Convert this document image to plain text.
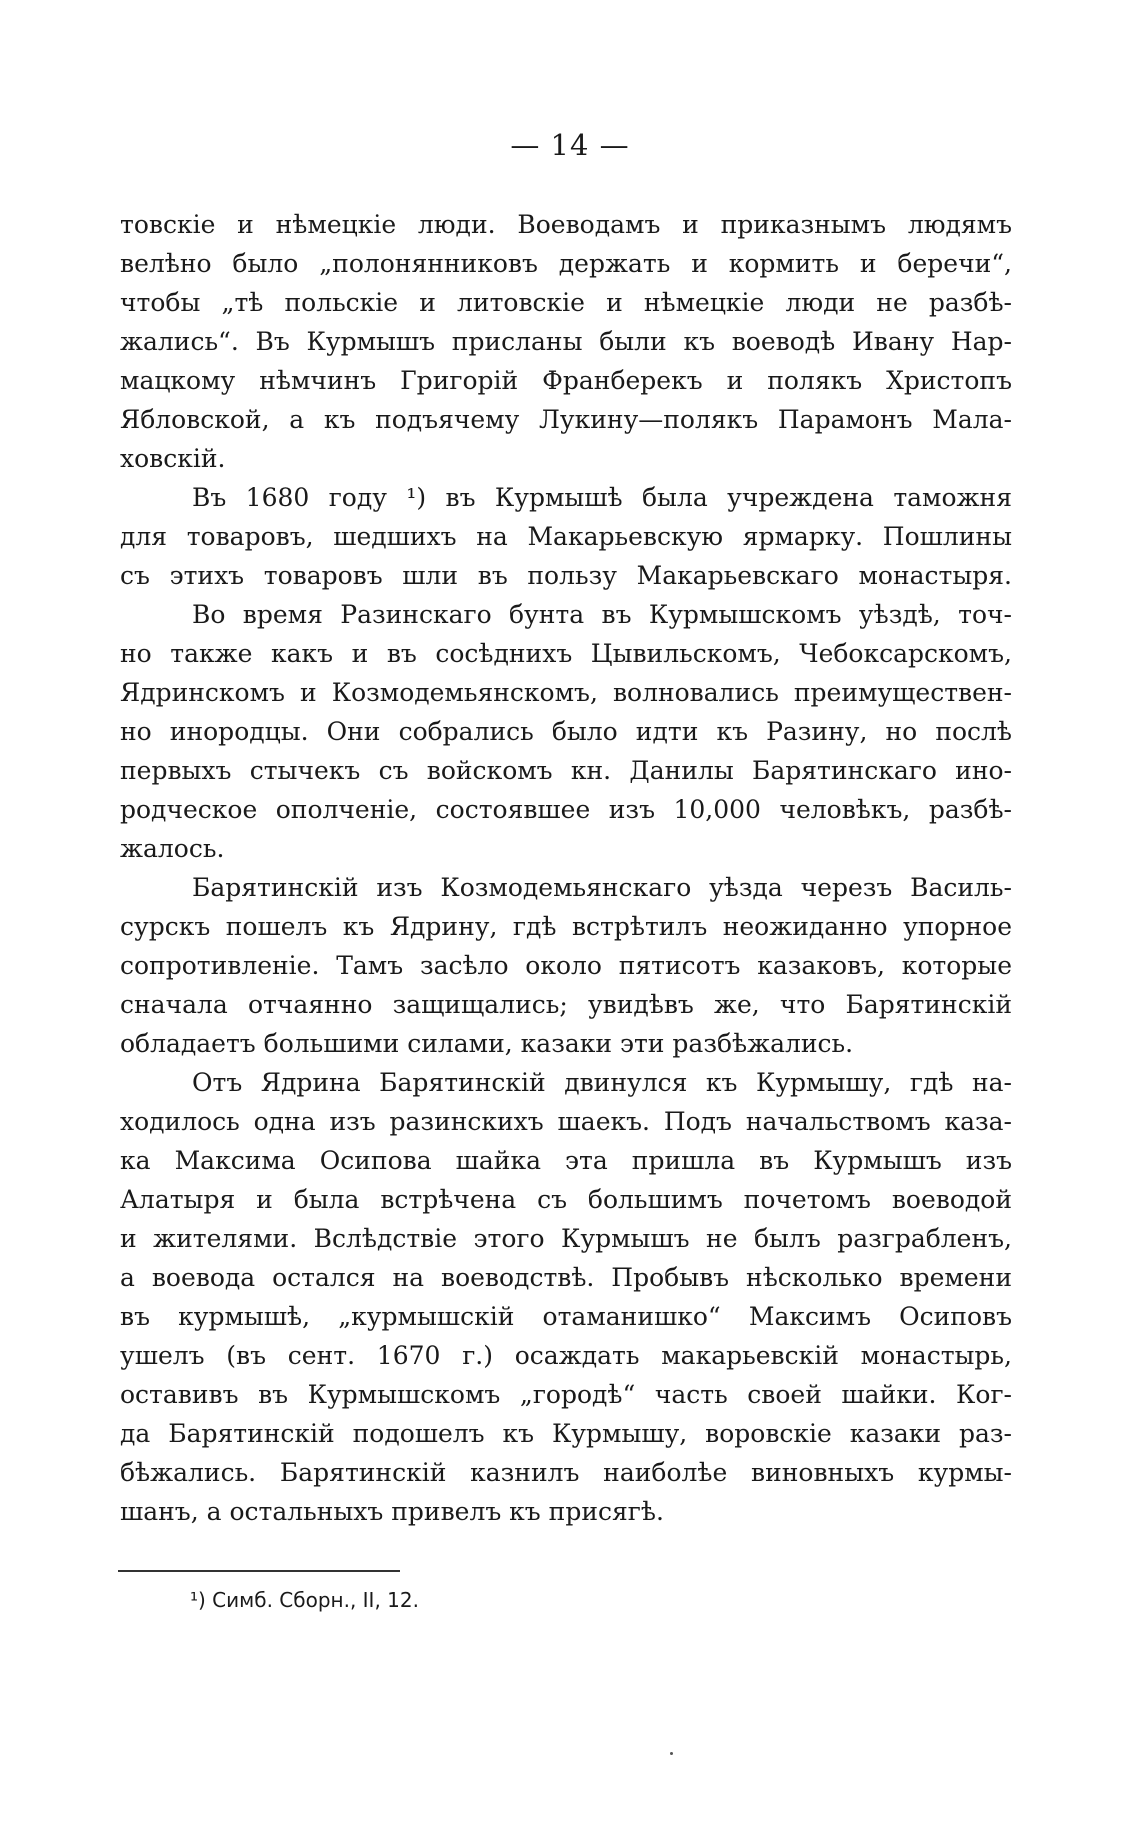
— 14 —
товскіе и нѣмецкіе люди. Воеводамъ и приказнымъ людямъ
велѣно было „полонянниковъ держать и кормить и беречи“,
чтобы „тѣ польскіе и литовскіе и нѣмецкіе люди не разбѣ-
жались“. Въ Курмышъ присланы были къ воеводѣ Ивану Нар-
мацкому нѣмчинъ Григорій Франберекъ и полякъ Христопъ
Ябловской, а къ подъячему Лукину—полякъ Парамонъ Мала-
ховскій.
Въ 1680 году ¹) въ Курмышѣ была учреждена таможня
для товаровъ, шедшихъ на Макарьевскую ярмарку. Пошлины
съ этихъ товаровъ шли въ пользу Макарьевскаго монастыря.
Во время Разинскаго бунта въ Курмышскомъ уѣздѣ, точ-
но также какъ и въ сосѣднихъ Цывильскомъ, Чебоксарскомъ,
Ядринскомъ и Козмодемьянскомъ, волновались преимуществен-
но инородцы. Они собрались было идти къ Разину, но послѣ
первыхъ стычекъ съ войскомъ кн. Данилы Барятинскаго ино-
родческое ополченіе, состоявшее изъ 10,000 человѣкъ, разбѣ-
жалось.
Барятинскій изъ Козмодемьянскаго уѣзда черезъ Василь-
сурскъ пошелъ къ Ядрину, гдѣ встрѣтилъ неожиданно упорное
сопротивленіе. Тамъ засѣло около пятисотъ казаковъ, которые
сначала отчаянно защищались; увидѣвъ же, что Барятинскій
обладаетъ большими силами, казаки эти разбѣжались.
Отъ Ядрина Барятинскій двинулся къ Курмышу, гдѣ на-
ходилось одна изъ разинскихъ шаекъ. Подъ начальствомъ каза-
ка Максима Осипова шайка эта пришла въ Курмышъ изъ
Алатыря и была встрѣчена съ большимъ почетомъ воеводой
и жителями. Вслѣдствіе этого Курмышъ не былъ разграбленъ,
а воевода остался на воеводствѣ. Пробывъ нѣсколько времени
въ курмышѣ, „курмышскій отаманишко“ Максимъ Осиповъ
ушелъ (въ сент. 1670 г.) осаждать макарьевскій монастырь,
оставивъ въ Курмышскомъ „городѣ“ часть своей шайки. Ког-
да Барятинскій подошелъ къ Курмышу, воровскіе казаки раз-
бѣжались. Барятинскій казнилъ наиболѣе виновныхъ курмы-
шанъ, а остальныхъ привелъ къ присягѣ.
¹) Симб. Сборн., II, 12.
